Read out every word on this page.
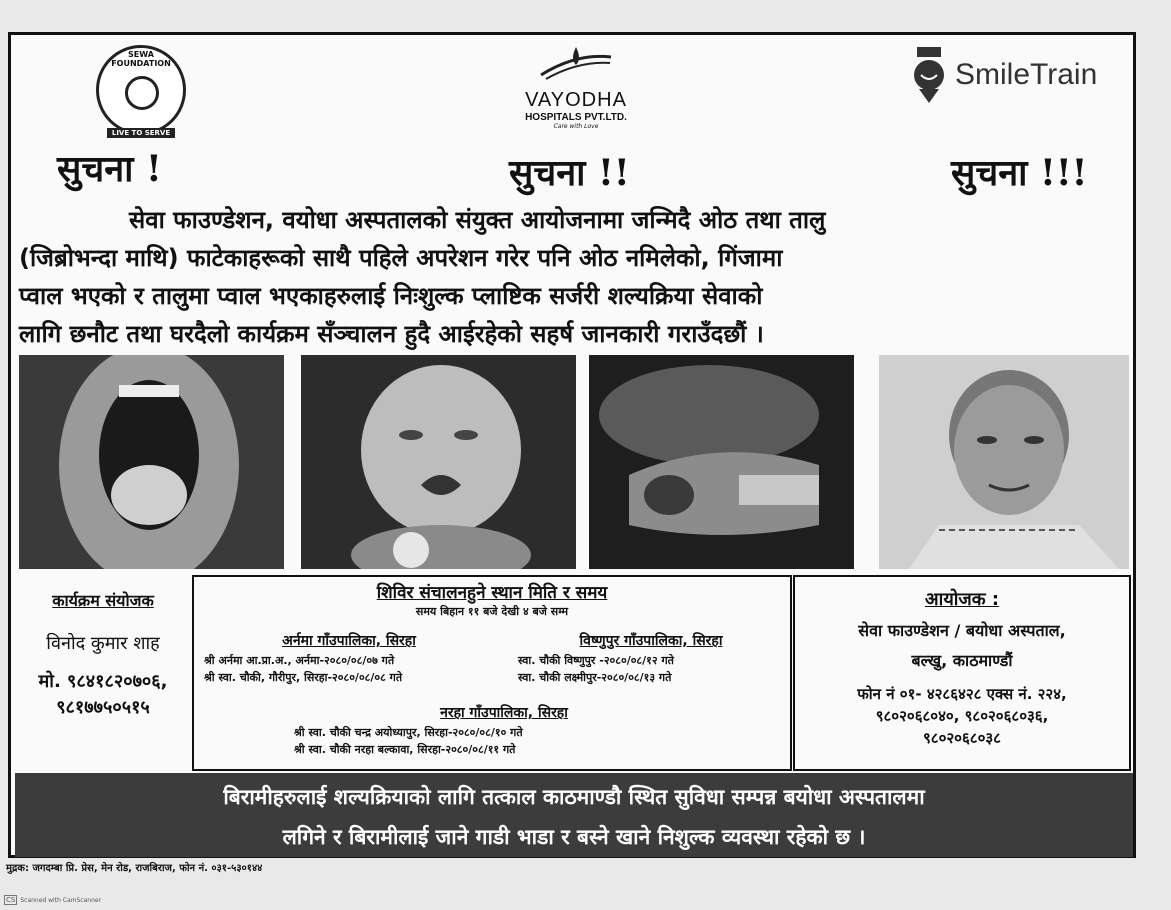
SEWA FOUNDATION
LIVE TO SERVE
VAYODHA
HOSPITALS PVT.LTD.
Care with Love
SmileTrain
सुचना !	सुचना !!	सुचना !!!

सेवा फाउण्डेशन, वयोधा अस्पतालको संयुक्त आयोजनामा जन्मिदै ओठ तथा तालु

(जिब्रोभन्दा माथि) फाटेकाहरूको साथै पहिले अपरेशन गरेर पनि ओठ नमिलेको, गिंजामा

प्वाल भएको र तालुमा प्वाल भएकाहरुलाई निःशुल्क प्लाष्टिक सर्जरी शल्यक्रिया सेवाको

लागि छनौट तथा घरदैलो कार्यक्रम सँञ्चालन हुदै आईरहेको सहर्ष जानकारी गराउँदछौं ।

कार्यक्रम संयोजक
विनोद कुमार शाह
मो. ९८४१८२०७०६,
९८१७७५०५१५
शिविर संचालनहुने स्थान मिति र समय
समय बिहान ११ बजे देखी ४ बजे सम्म
अर्नमा गाँउपालिका, सिरहा
श्री अर्नमा आ.प्रा.अ., अर्नमा-२०८०/०८/०७ गते
श्री स्वा. चौकी, गौरीपुर, सिरहा-२०८०/०८/०८ गते
विष्णुपुर गाँउपालिका, सिरहा
स्वा. चौकी विष्णुपुर -२०८०/०८/१२ गते
स्वा. चौकी लक्ष्मीपुर-२०८०/०८/१३ गते
नरहा गाँउपालिका, सिरहा
श्री स्वा. चौकी चन्द्र अयोध्यापुर, सिरहा-२०८०/०८/१० गते
श्री स्वा. चौकी नरहा बल्कावा, सिरहा-२०८०/०८/११ गते
आयोजक :
सेवा फाउण्डेशन / बयोधा अस्पताल,
बल्खु, काठमाण्डौं
फोन नं ०१- ४२८६४२८ एक्स नं. २२४,
९८०२०६८०४०, ९८०२०६८०३६,
९८०२०६८०३८

बिरामीहरुलाई शल्यक्रियाको लागि तत्काल काठमाण्डौ स्थित सुविधा सम्पन्न बयोधा अस्पतालमा

लगिने र बिरामीलाई जाने गाडी भाडा र बस्ने खाने निशुल्क व्यवस्था रहेको छ ।

मुद्रक: जगदम्बा प्रि. प्रेस, मेन रोड, राजबिराज, फोन नं. ०३१-५३०१४४
CS Scanned with CamScanner
